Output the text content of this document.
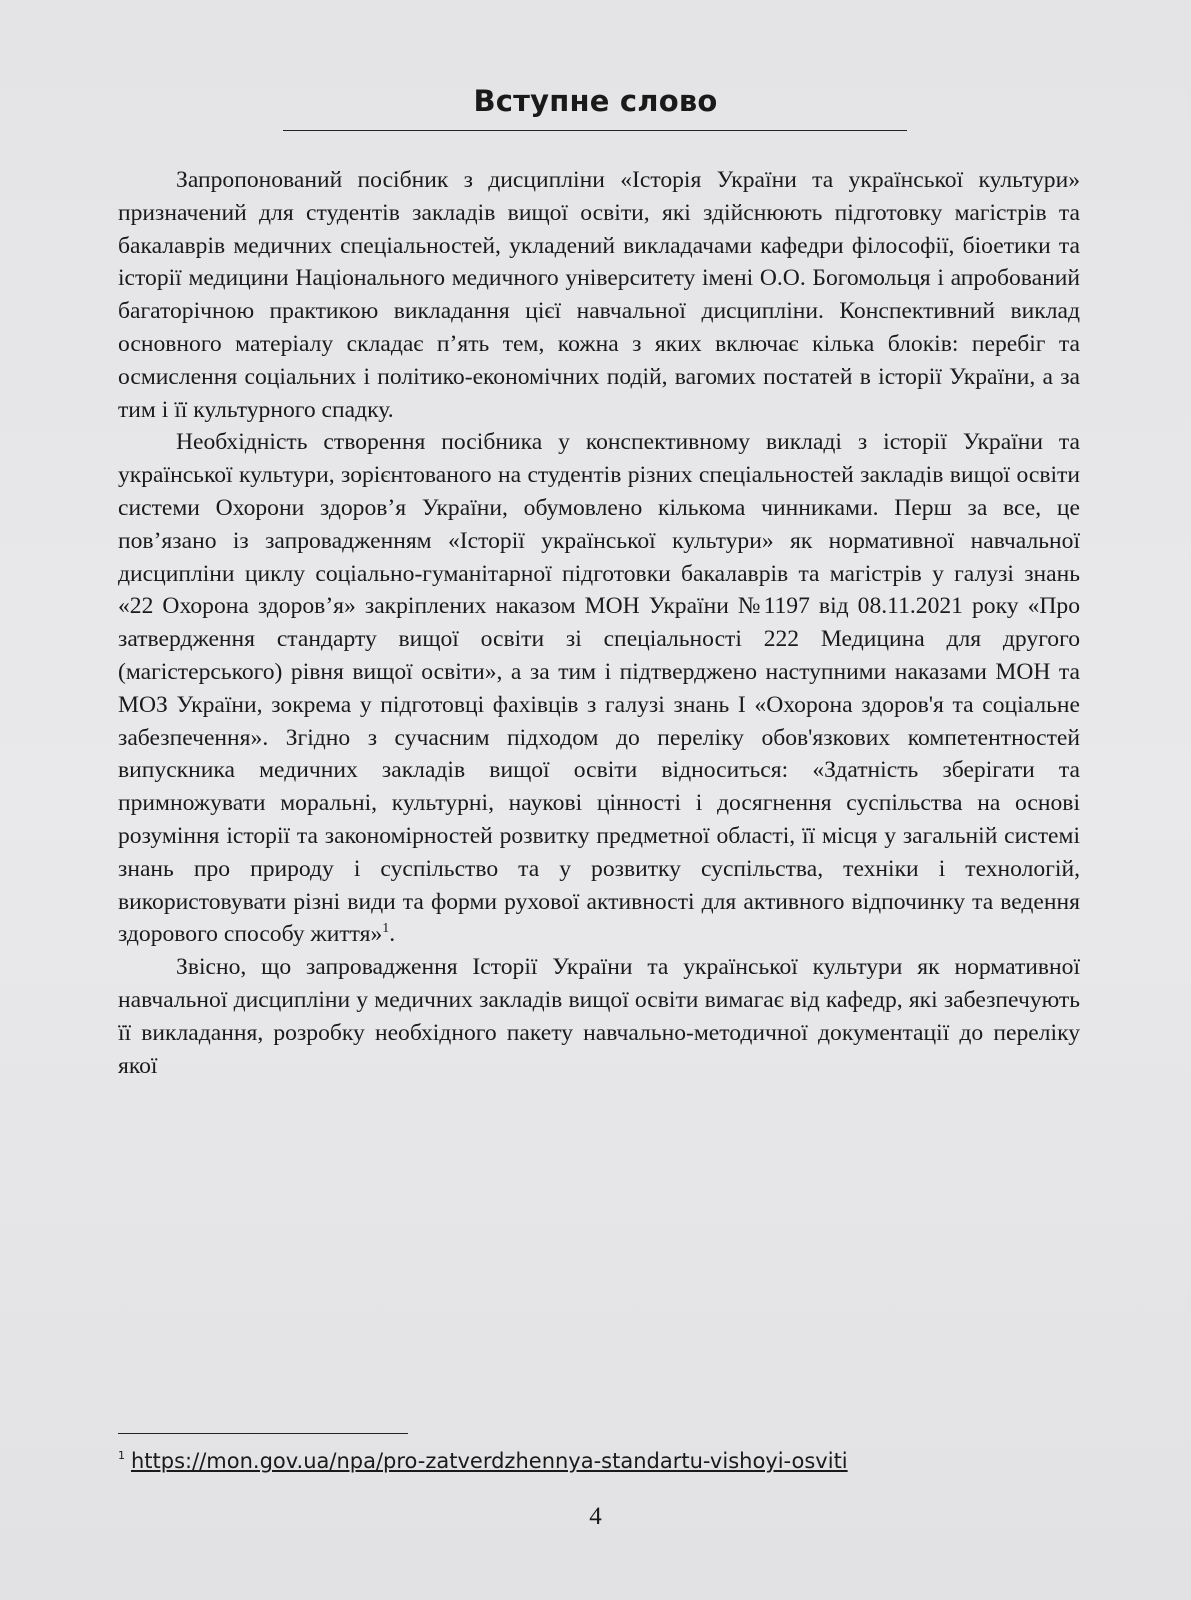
Вступне слово

Запропонований посібник з дисципліни «Історія України та української культури» призначений для студентів закладів вищої освіти, які здійснюють підготовку магістрів та бакалаврів медичних спеціальностей, укладений викладачами кафедри філософії, біоетики та історії медицини Національного медичного університету імені О.О. Богомольця і апробований багаторічною практикою викладання цієї навчальної дисципліни. Конспективний виклад основного матеріалу складає п’ять тем, кожна з яких включає кілька блоків: перебіг та осмислення соціальних і політико-економічних подій, вагомих постатей в історії України, а за тим і її культурного спадку.

Необхідність створення посібника у конспективному викладі з історії України та української культури, зорієнтованого на студентів різних спеціальностей закладів вищої освіти системи Охорони здоров’я України, обумовлено кількома чинниками. Перш за все, це пов’язано із запровадженням «Історії української культури» як нормативної навчальної дисципліни циклу соціально-гуманітарної підготовки бакалаврів та магістрів у галузі знань «22 Охорона здоров’я» закріплених наказом МОН України №1197 від 08.11.2021 року «Про затвердження стандарту вищої освіти зі спеціальності 222 Медицина для другого (магістерського) рівня вищої освіти», а за тим і підтверджено наступними наказами МОН та МОЗ України, зокрема у підготовці фахівців з галузі знань І «Охорона здоров'я та соціальне забезпечення». Згідно з сучасним підходом до переліку обов'язкових компетентностей випускника медичних закладів вищої освіти відноситься: «Здатність зберігати та примножувати моральні, культурні, наукові цінності і досягнення суспільства на основі розуміння історії та закономірностей розвитку предметної області, її місця у загальній системі знань про природу і суспільство та у розвитку суспільства, техніки і технологій, використовувати різні види та форми рухової активності для активного відпочинку та ведення здорового способу життя»$^1$.

Звісно, що запровадження Історії України та української культури як нормативної навчальної дисципліни у медичних закладів вищої освіти вимагає від кафедр, які забезпечують її викладання, розробку необхідного пакету навчально-методичної документації до переліку якої

$^1$ https://mon.gov.ua/npa/pro-zatverdzhennya-standartu-vishoyi-osviti
4
